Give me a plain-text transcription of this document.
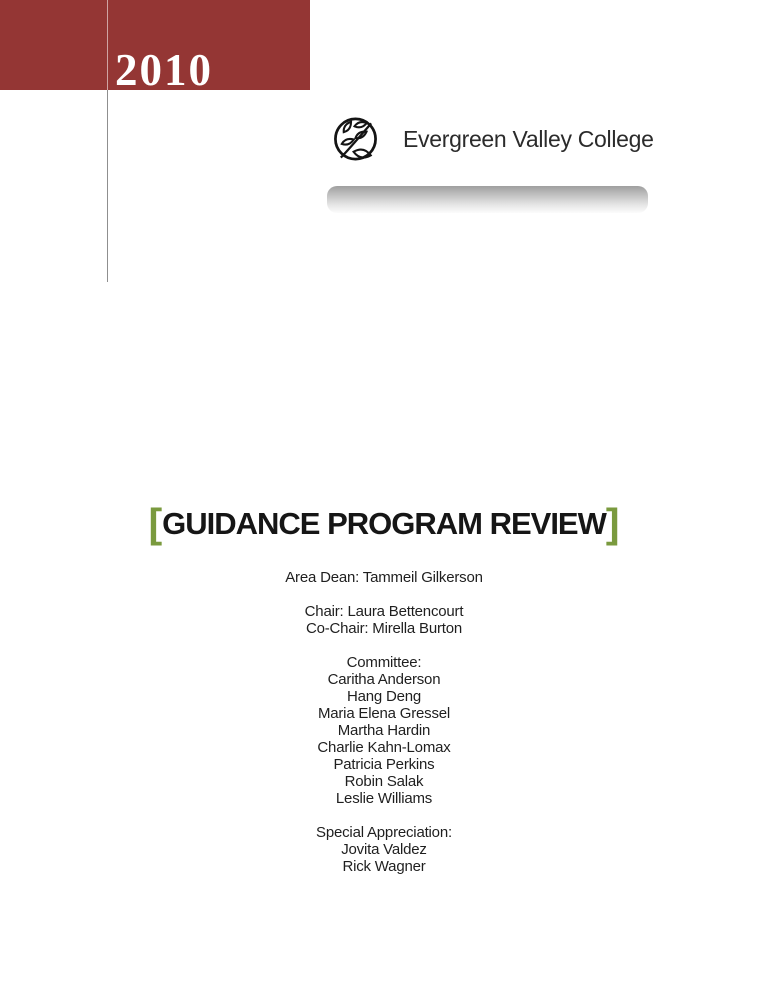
2010
Evergreen Valley College
[GUIDANCE PROGRAM REVIEW]
Area Dean: Tammeil Gilkerson
Chair: Laura Bettencourt
Co-Chair: Mirella Burton
Committee:
Caritha Anderson
Hang Deng
Maria Elena Gressel
Martha Hardin
Charlie Kahn-Lomax
Patricia Perkins
Robin Salak
Leslie Williams
Special Appreciation:
Jovita Valdez
Rick Wagner
